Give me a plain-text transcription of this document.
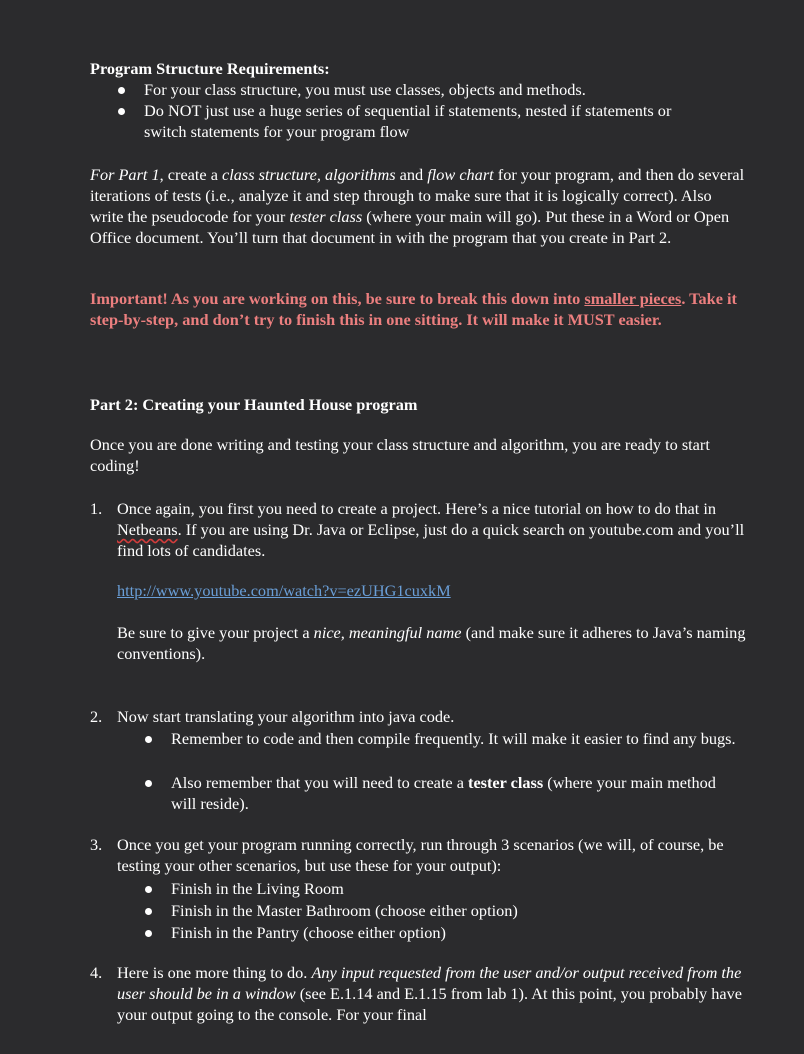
Program Structure Requirements:

For your class structure, you must use classes, objects and methods.
Do NOT just use a huge series of sequential if statements, nested if statements or switch statements for your program flow

For Part 1, create a class structure, algorithms and flow chart for your program, and then do several iterations of tests (i.e., analyze it and step through to make sure that it is logically correct). Also write the pseudocode for your tester class (where your main will go). Put these in a Word or Open Office document. You’ll turn that document in with the program that you create in Part 2.

Important! As you are working on this, be sure to break this down into smaller pieces. Take it step-by-step, and don’t try to finish this in one sitting. It will make it MUST easier.

Part 2: Creating your Haunted House program

Once you are done writing and testing your class structure and algorithm, you are ready to start coding!

1. Once again, you first you need to create a project. Here’s a nice tutorial on how to do that in Netbeans. If you are using Dr. Java or Eclipse, just do a quick search on youtube.com and you’ll find lots of candidates.

http://www.youtube.com/watch?v=ezUHG1cuxkM

Be sure to give your project a nice, meaningful name (and make sure it adheres to Java’s naming conventions).

2. Now start translating your algorithm into java code.

Remember to code and then compile frequently. It will make it easier to find any bugs.

Also remember that you will need to create a tester class (where your main method will reside).

3. Once you get your program running correctly, run through 3 scenarios (we will, of course, be testing your other scenarios, but use these for your output):

Finish in the Living Room

Finish in the Master Bathroom (choose either option)

Finish in the Pantry (choose either option)

4. Here is one more thing to do. Any input requested from the user and/or output received from the user should be in a window (see E.1.14 and E.1.15 from lab 1). At this point, you probably have your output going to the console. For your final
